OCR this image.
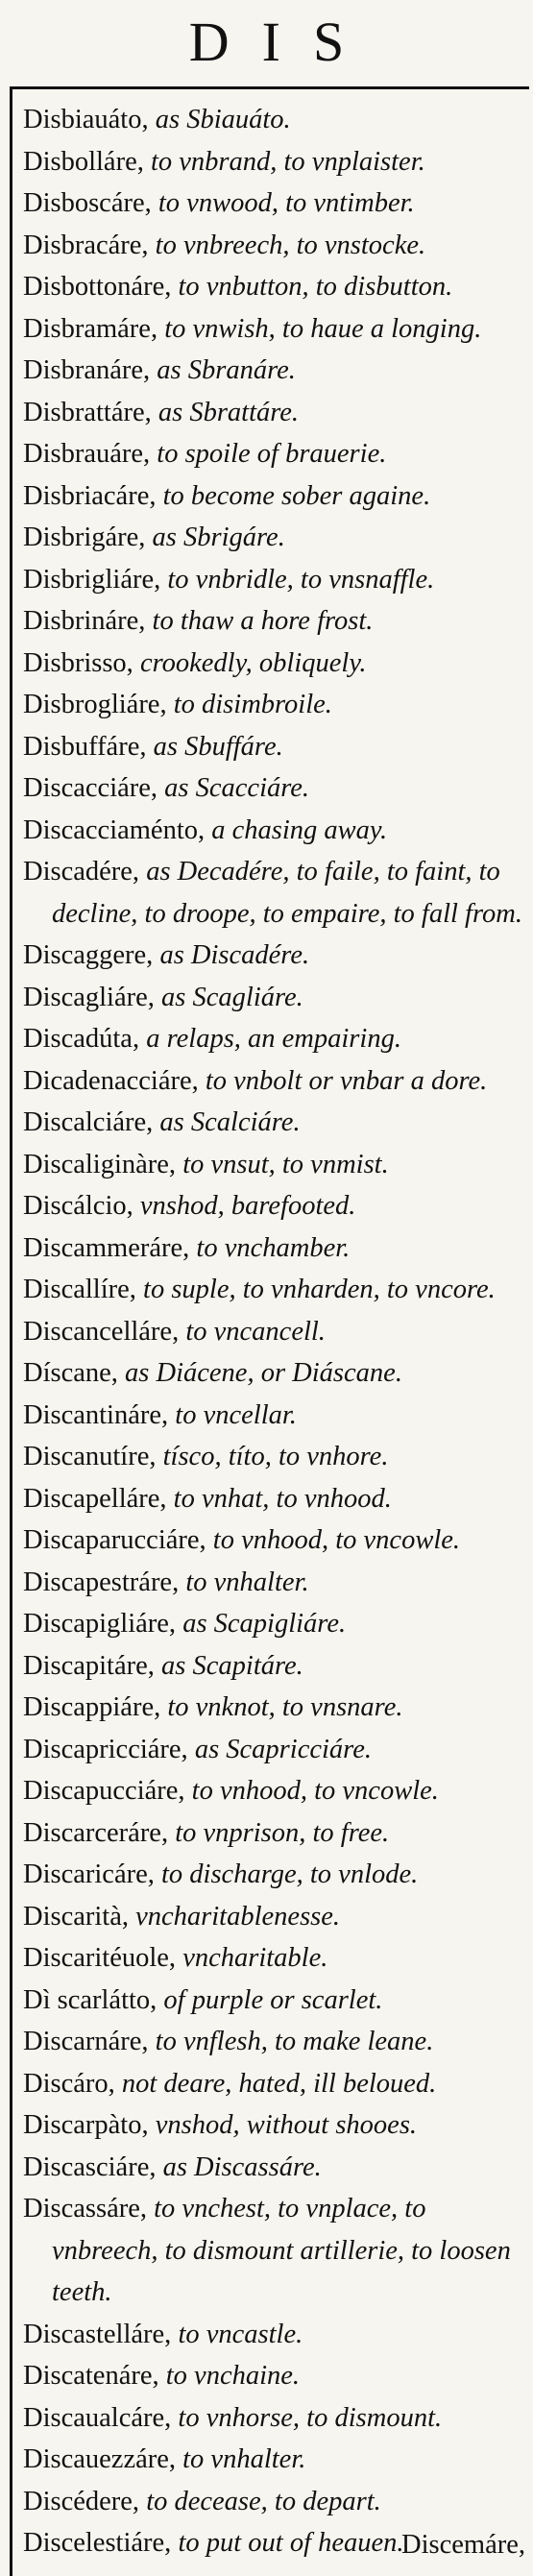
DIS

Disbiauáto, as Sbiauáto.

Disbolláre, to vnbrand, to vnplaister.

Disboscáre, to vnwood, to vntimber.

Disbracáre, to vnbreech, to vnstocke.

Disbottonáre, to vnbutton, to disbutton.

Disbramáre, to vnwish, to haue a longing.

Disbranáre, as Sbranáre.

Disbrattáre, as Sbrattáre.

Disbrauáre, to spoile of brauerie.

Disbriacáre, to become sober againe.

Disbrigáre, as Sbrigáre.

Disbrigliáre, to vnbridle, to vnsnaffle.

Disbrináre, to thaw a hore frost.

Disbrisso, crookedly, obliquely.

Disbrogliáre, to disimbroile.

Disbuffáre, as Sbuffáre.

Discacciáre, as Scacciáre.

Discacciaménto, a chasing away.

Discadére, as Decadére, to faile, to faint, to decline, to droope, to empaire, to fall from.

Discaggere, as Discadére.

Discagliáre, as Scagliáre.

Discadúta, a relaps, an empairing.

Dicadenacciáre, to vnbolt or vnbar a dore.

Discalciáre, as Scalciáre.

Discaliginàre, to vnsut, to vnmist.

Discálcio, vnshod, barefooted.

Discammeráre, to vnchamber.

Discallíre, to suple, to vnharden, to vncore.

Discancelláre, to vncancell.

Díscane, as Diácene, or Diáscane.

Discantináre, to vncellar.

Discanutíre, tísco, títo, to vnhore.

Discapelláre, to vnhat, to vnhood.

Discaparucciáre, to vnhood, to vncowle.

Discapestráre, to vnhalter.

Discapigliáre, as Scapigliáre.

Discapitáre, as Scapitáre.

Discappiáre, to vnknot, to vnsnare.

Discapricciáre, as Scapricciáre.

Discapucciáre, to vnhood, to vncowle.

Discarceráre, to vnprison, to free.

Discaricáre, to discharge, to vnlode.

Discarità, vncharitablenesse.

Discaritéuole, vncharitable.

Dì scarlátto, of purple or scarlet.

Discarnáre, to vnflesh, to make leane.

Discáro, not deare, hated, ill beloued.

Discarpàto, vnshod, without shooes.

Discasciáre, as Discassáre.

Discassáre, to vnchest, to vnplace, to vnbreech, to dismount artillerie, to loosen teeth.

Discastelláre, to vncastle.

Discatenáre, to vnchaine.

Discaualcáre, to vnhorse, to dismount.

Discauezzáre, to vnhalter.

Discédere, to decease, to depart.

Discelestiáre, to put out of heauen.

Discemáre,
